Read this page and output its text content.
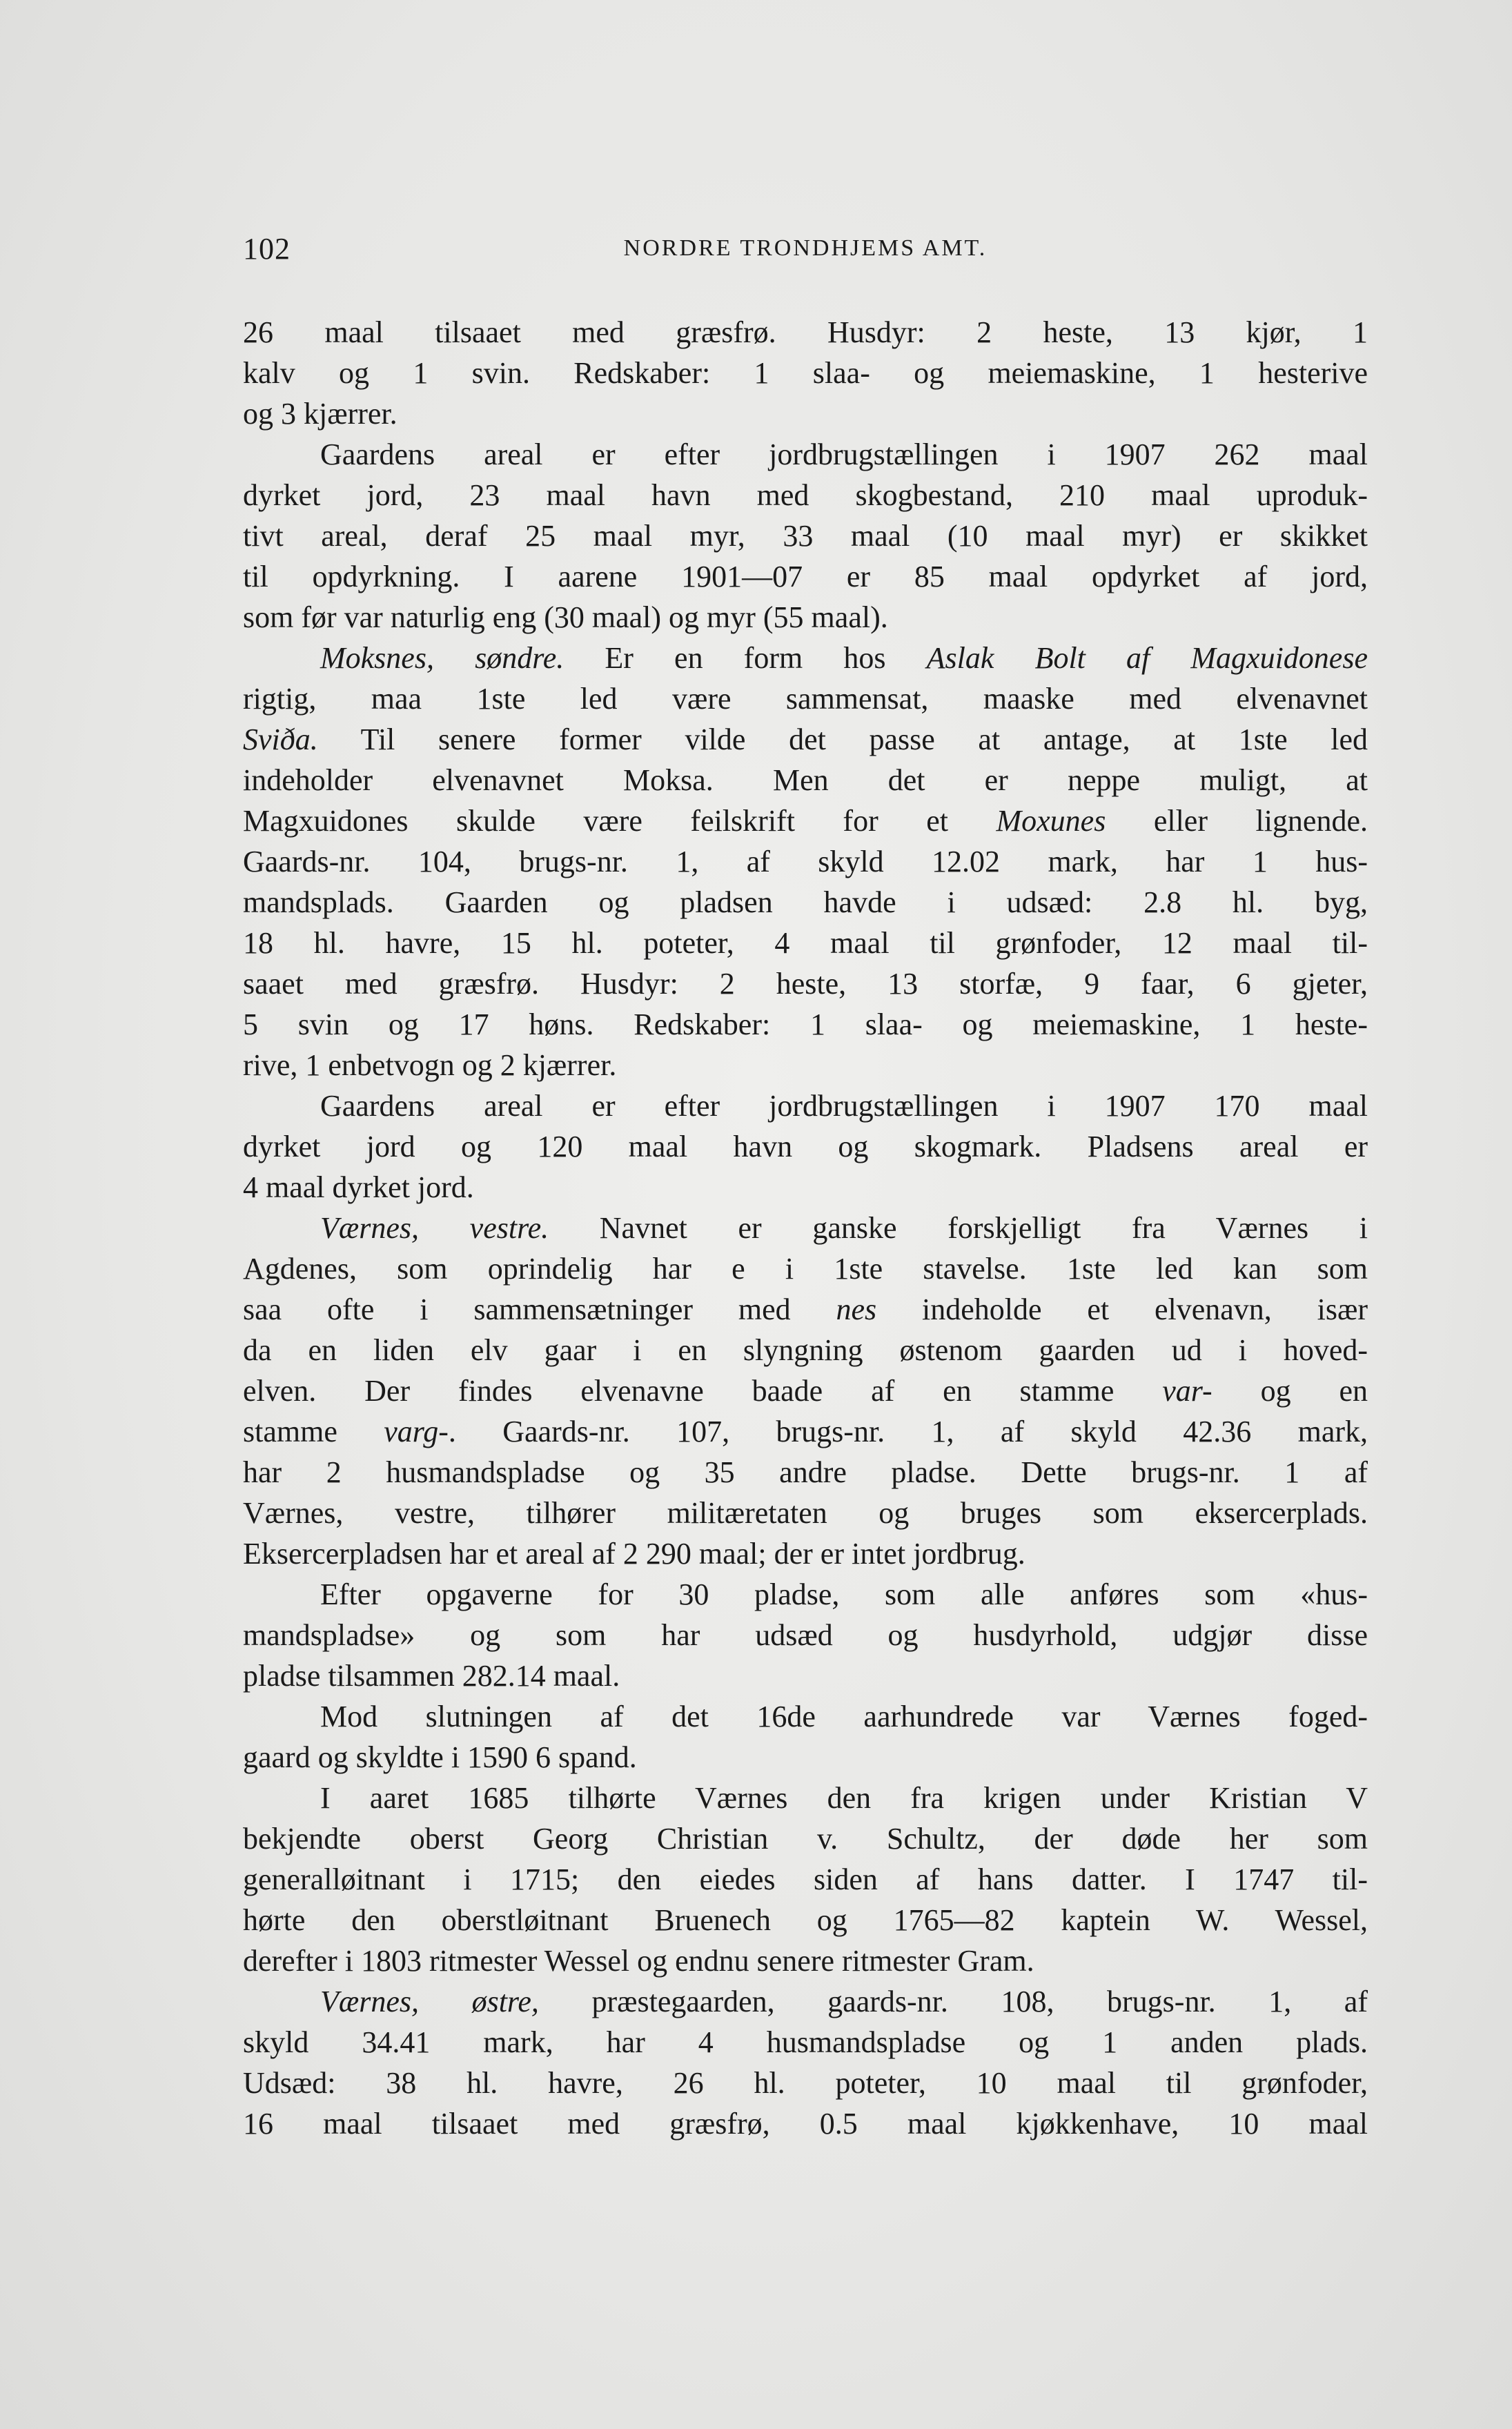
102	NORDRE TRONDHJEMS AMT.
26 maal tilsaaet med græsfrø. Husdyr: 2 heste, 13 kjør, 1
kalv og 1 svin. Redskaber: 1 slaa- og meiemaskine, 1 hesterive
og 3 kjærrer.
Gaardens areal er efter jordbrugstællingen i 1907 262 maal
dyrket jord, 23 maal havn med skogbestand, 210 maal uproduk-
tivt areal, deraf 25 maal myr, 33 maal (10 maal myr) er skikket
til opdyrkning. I aarene 1901—07 er 85 maal opdyrket af jord,
som før var naturlig eng (30 maal) og myr (55 maal).
Moksnes, søndre. Er en form hos Aslak Bolt af Magxuidonese
rigtig, maa 1ste led være sammensat, maaske med elvenavnet
Sviða. Til senere former vilde det passe at antage, at 1ste led
indeholder elvenavnet Moksa. Men det er neppe muligt, at
Magxuidones skulde være feilskrift for et Moxunes eller lignende.
Gaards-nr. 104, brugs-nr. 1, af skyld 12.02 mark, har 1 hus-
mandsplads. Gaarden og pladsen havde i udsæd: 2.8 hl. byg,
18 hl. havre, 15 hl. poteter, 4 maal til grønfoder, 12 maal til-
saaet med græsfrø. Husdyr: 2 heste, 13 storfæ, 9 faar, 6 gjeter,
5 svin og 17 høns. Redskaber: 1 slaa- og meiemaskine, 1 heste-
rive, 1 enbetvogn og 2 kjærrer.
Gaardens areal er efter jordbrugstællingen i 1907 170 maal
dyrket jord og 120 maal havn og skogmark. Pladsens areal er
4 maal dyrket jord.
Værnes, vestre. Navnet er ganske forskjelligt fra Værnes i
Agdenes, som oprindelig har e i 1ste stavelse. 1ste led kan som
saa ofte i sammensætninger med nes indeholde et elvenavn, især
da en liden elv gaar i en slyngning østenom gaarden ud i hoved-
elven. Der findes elvenavne baade af en stamme var- og en
stamme varg-. Gaards-nr. 107, brugs-nr. 1, af skyld 42.36 mark,
har 2 husmandspladse og 35 andre pladse. Dette brugs-nr. 1 af
Værnes, vestre, tilhører militæretaten og bruges som eksercerplads.
Eksercerpladsen har et areal af 2 290 maal; der er intet jordbrug.
Efter opgaverne for 30 pladse, som alle anføres som «hus-
mandspladse» og som har udsæd og husdyrhold, udgjør disse
pladse tilsammen 282.14 maal.
Mod slutningen af det 16de aarhundrede var Værnes foged-
gaard og skyldte i 1590 6 spand.
I aaret 1685 tilhørte Værnes den fra krigen under Kristian V
bekjendte oberst Georg Christian v. Schultz, der døde her som
generalløitnant i 1715; den eiedes siden af hans datter. I 1747 til-
hørte den oberstløitnant Bruenech og 1765—82 kaptein W. Wessel,
derefter i 1803 ritmester Wessel og endnu senere ritmester Gram.
Værnes, østre, præstegaarden, gaards-nr. 108, brugs-nr. 1, af
skyld 34.41 mark, har 4 husmandspladse og 1 anden plads.
Udsæd: 38 hl. havre, 26 hl. poteter, 10 maal til grønfoder,
16 maal tilsaaet med græsfrø, 0.5 maal kjøkkenhave, 10 maal
